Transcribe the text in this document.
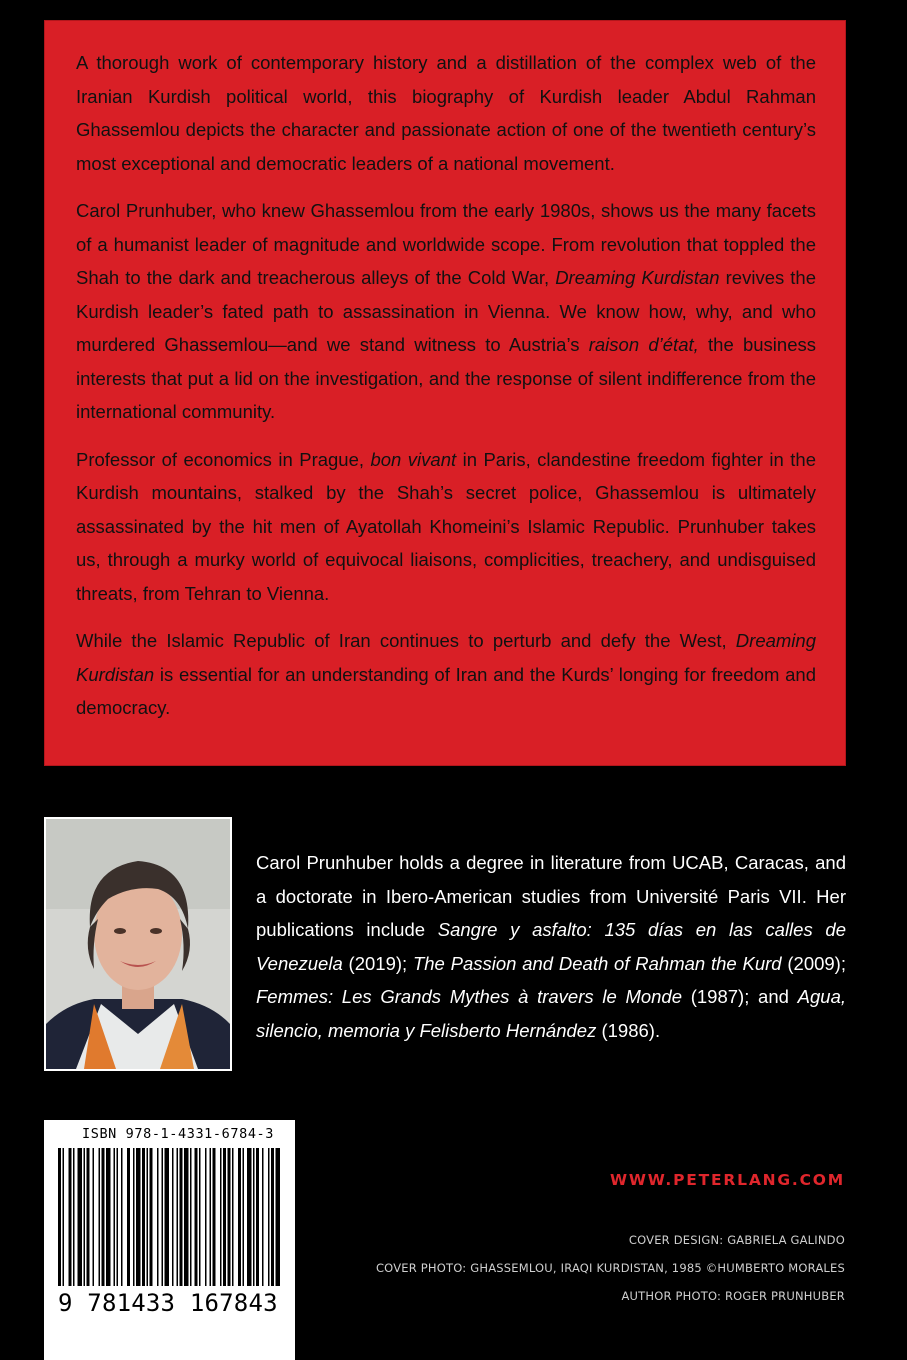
A thorough work of contemporary history and a distillation of the complex web of the Iranian Kurdish political world, this biography of Kurdish leader Abdul Rahman Ghassemlou depicts the character and passionate action of one of the twentieth century’s most exceptional and democratic leaders of a national movement.

Carol Prunhuber, who knew Ghassemlou from the early 1980s, shows us the many facets of a humanist leader of magnitude and worldwide scope. From revolution that toppled the Shah to the dark and treacherous alleys of the Cold War, Dreaming Kurdistan revives the Kurdish leader’s fated path to assassination in Vienna. We know how, why, and who murdered Ghassemlou—and we stand witness to Austria’s raison d’état, the business interests that put a lid on the investigation, and the response of silent indifference from the international community.

Professor of economics in Prague, bon vivant in Paris, clandestine freedom fighter in the Kurdish mountains, stalked by the Shah’s secret police, Ghassemlou is ultimately assassinated by the hit men of Ayatollah Khomeini’s Islamic Republic. Prunhuber takes us, through a murky world of equivocal liaisons, complicities, treachery, and undisguised threats, from Tehran to Vienna.

While the Islamic Republic of Iran continues to perturb and defy the West, Dreaming Kurdistan is essential for an understanding of Iran and the Kurds’ longing for freedom and democracy.

Carol Prunhuber holds a degree in literature from UCAB, Caracas, and a doctorate in Ibero-American studies from Université Paris VII. Her publications include Sangre y asfalto: 135 días en las calles de Venezuela (2019); The Passion and Death of Rahman the Kurd (2009); Femmes: Les Grands Mythes à travers le Monde (1987); and Agua, silencio, memoria y Felisberto Hernández (1986).

ISBN 978-1-4331-6784-3
9 781433 167843
WWW.PETERLANG.COM
COVER DESIGN: GABRIELA GALINDO
COVER PHOTO: GHASSEMLOU, IRAQI KURDISTAN, 1985 ©HUMBERTO MORALES
AUTHOR PHOTO: ROGER PRUNHUBER
